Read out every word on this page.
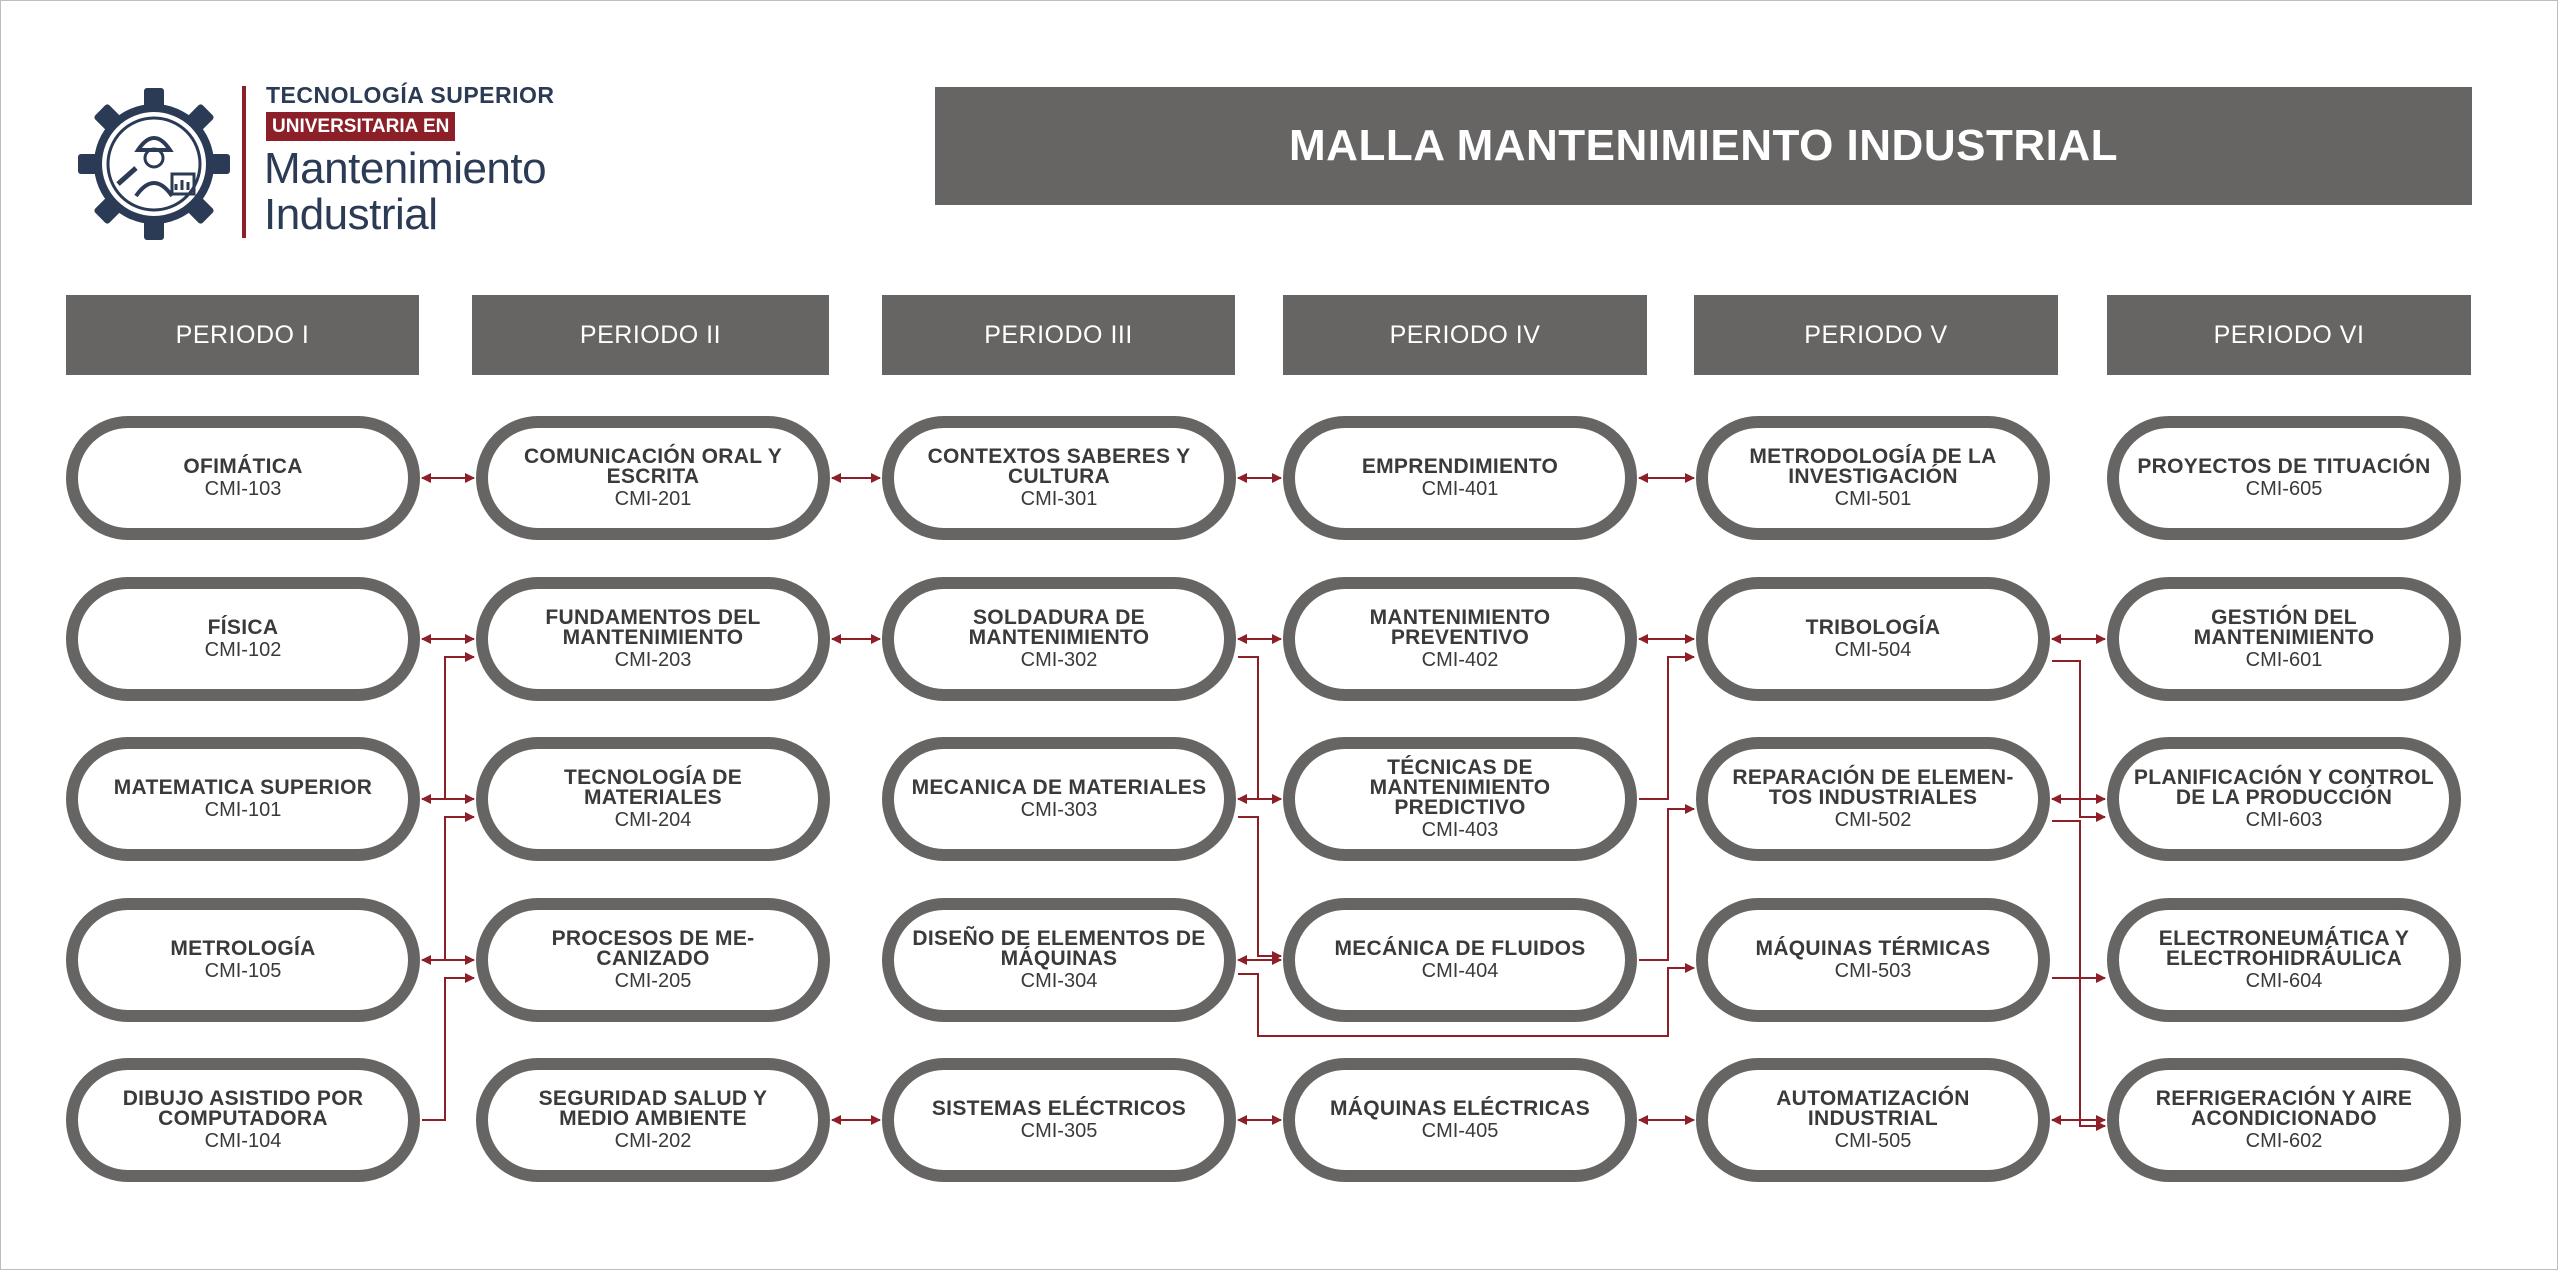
TECNOLOGÍA SUPERIOR
UNIVERSITARIA EN
Mantenimiento
Industrial
MALLA MANTENIMIENTO INDUSTRIAL
PERIODO I	PERIODO II	PERIODO III	PERIODO IV	PERIODO V	PERIODO VI
OFIMÁTICA
CMI-103
FÍSICA
CMI-102
MATEMATICA SUPERIOR
CMI-101
METROLOGÍA
CMI-105
DIBUJO ASISTIDO POR COMPUTADORA
CMI-104
COMUNICACIÓN ORAL Y ESCRITA
CMI-201
FUNDAMENTOS DEL MANTENIMIENTO
CMI-203
TECNOLOGÍA DE MATERIALES
CMI-204
PROCESOS DE ME- CANIZADO
CMI-205
SEGURIDAD SALUD Y MEDIO AMBIENTE
CMI-202
CONTEXTOS SABERES Y CULTURA
CMI-301
SOLDADURA DE MANTENIMIENTO
CMI-302
MECANICA DE MATERIALES
CMI-303
DISEÑO DE ELEMENTOS DE MÁQUINAS
CMI-304
SISTEMAS ELÉCTRICOS
CMI-305
EMPRENDIMIENTO
CMI-401
MANTENIMIENTO PREVENTIVO
CMI-402
TÉCNICAS DE MANTENIMIENTO PREDICTIVO
CMI-403
MECÁNICA DE FLUIDOS
CMI-404
MÁQUINAS ELÉCTRICAS
CMI-405
METRODOLOGÍA DE LA INVESTIGACIÓN
CMI-501
TRIBOLOGÍA
CMI-504
REPARACIÓN DE ELEMEN- TOS INDUSTRIALES
CMI-502
MÁQUINAS TÉRMICAS
CMI-503
AUTOMATIZACIÓN INDUSTRIAL
CMI-505
PROYECTOS DE TITUACIÓN
CMI-605
GESTIÓN DEL MANTENIMIENTO
CMI-601
PLANIFICACIÓN Y CONTROL DE LA PRODUCCIÓN
CMI-603
ELECTRONEUMÁTICA Y ELECTROHIDRÁULICA
CMI-604
REFRIGERACIÓN Y AIRE ACONDICIONADO
CMI-602
